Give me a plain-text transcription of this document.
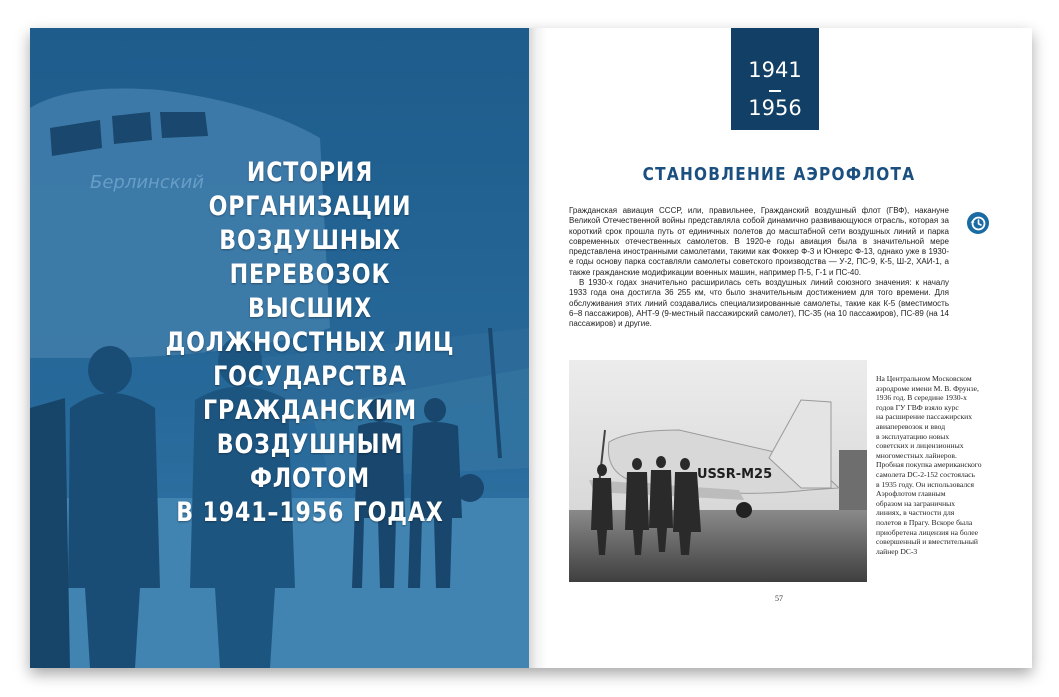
Берлинский	ИСТОРИЯ ОРГАНИЗАЦИИ
ВОЗДУШНЫХ ПЕРЕВОЗОК
ВЫСШИХ ДОЛЖНОСТНЫХ ЛИЦ
ГОСУДАРСТВА ГРАЖДАНСКИМ
ВОЗДУШНЫМ ФЛОТОМ
В 1941–1956 ГОДАХ
1941
1956
СТАНОВЛЕНИЕ АЭРОФЛОТА

Гражданская авиация СССР, или, правильнее, Гражданский воздушный флот (ГВФ), накануне Великой Отечественной войны представляла собой динамично развивающуюся отрасль, которая за короткий срок прошла путь от единичных полетов до масштабной сети воздушных линий и парка современных отечественных самолетов. В 1920-е годы авиация была в значительной мере представлена иностранными самолетами, такими как Фоккер Ф-3 и Юнкерс Ф-13, однако уже в 1930-е годы основу парка составляли самолеты советского производства — У-2, ПС-9, К-5, Ш-2, ХАИ-1, а также гражданские модификации военных машин, например П-5, Г-1 и ПС-40.

В 1930-х годах значительно расширилась сеть воздушных линий союзного значения: к началу 1933 года она достигла 36 255 км, что было значительным достижением для того времени. Для обслуживания этих линий создавались специализированные самолеты, такие как К-5 (вместимость 6–8 пассажиров), АНТ-9 (9-местный пассажирский самолет), ПС-35 (на 10 пассажиров), ПС-89 (на 14 пассажиров) и другие.

USSR-M25

На Центральном Московском

аэродроме имени М. В. Фрунзе,

1936 год. В середине 1930-х

годов ГУ ГВФ взяло курс

на расширение пассажирских

авиаперевозок и ввод

в эксплуатацию новых

советских и лицензионных

многоместных лайнеров.

Пробная покупка американского

самолета DC-2-152 состоялась

в 1935 году. Он использовался

Аэрофлотом главным

образом на заграничных

линиях, в частности для

полетов в Прагу. Вскоре была

приобретена лицензия на более

совершенный и вместительный

лайнер DC-3

57
